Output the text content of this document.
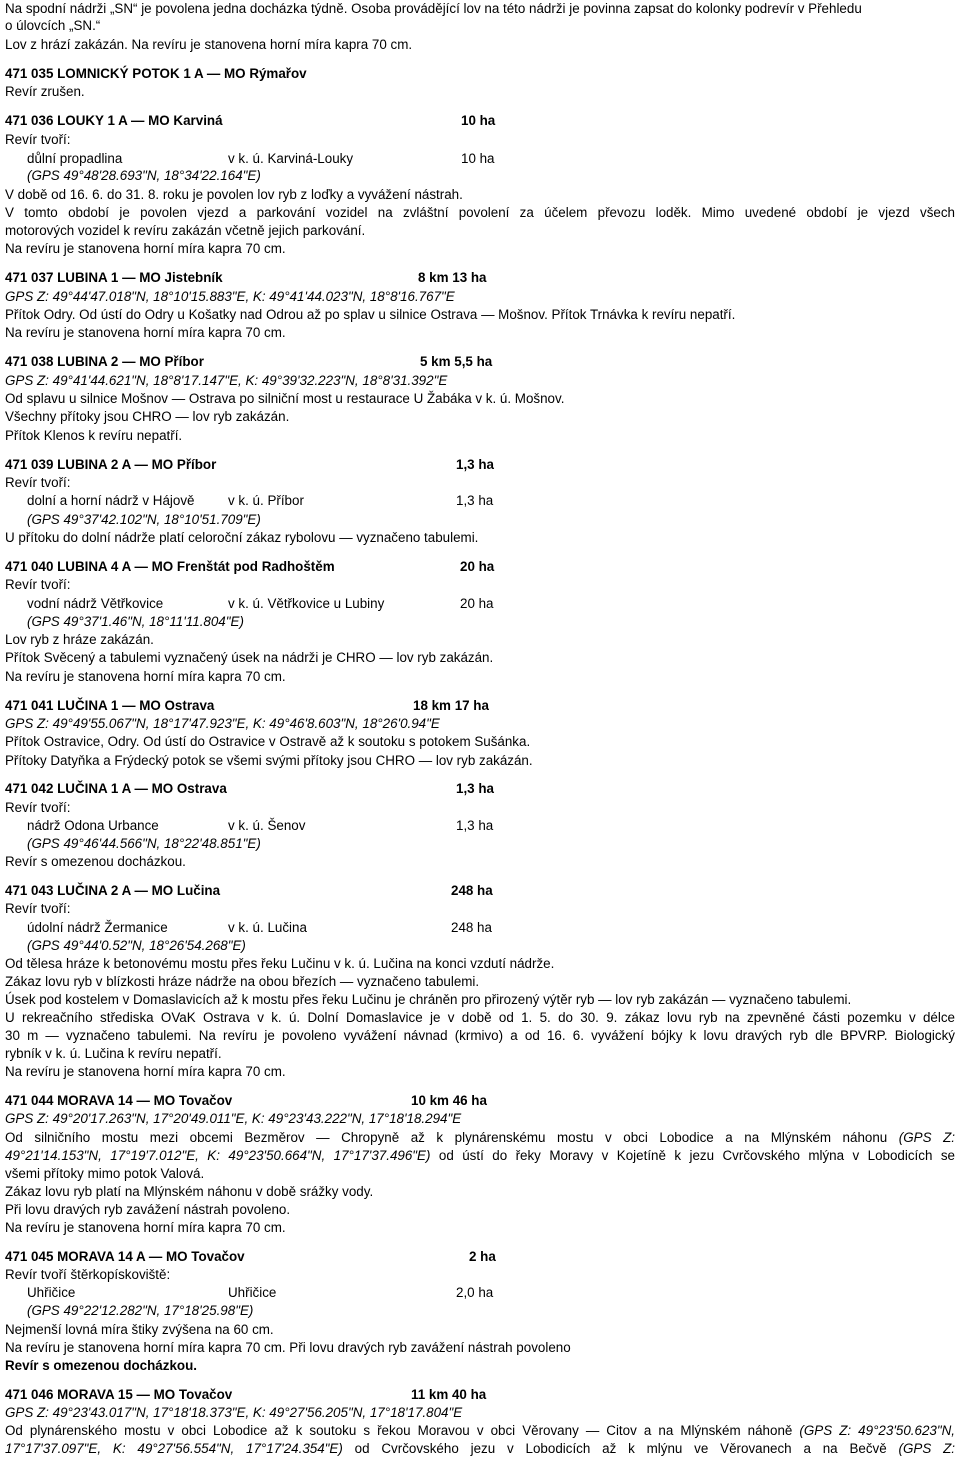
Na spodní nádrži „SN“ je povolena jedna docházka týdně. Osoba provádějící lov na této nádrži je povinna zapsat do kolonky podrevír v Přehledu
o úlovcích „SN.“
Lov z hrází zakázán. Na revíru je stanovena horní míra kapra 70 cm.
471 035 LOMNICKÝ POTOK 1 A — MO Rýmařov
Revír zrušen.
471 036 LOUKY 1 A — MO Karviná	10 ha
Revír tvoří:
důlní propadlina	v k. ú. Karviná-Louky	10 ha
(GPS 49°48'28.693"N, 18°34'22.164"E)
V době od 16. 6. do 31. 8. roku je povolen lov ryb z loďky a vyvážení nástrah.
V tomto období je povolen vjezd a parkování vozidel na zvláštní povolení za účelem převozu loděk. Mimo uvedené období je vjezd všech
motorových vozidel k revíru zakázán včetně jejich parkování.
Na revíru je stanovena horní míra kapra 70 cm.
471 037 LUBINA 1 — MO Jistebník	8 km 13 ha
GPS Z: 49°44'47.018"N, 18°10'15.883"E, K: 49°41'44.023"N, 18°8'16.767"E
Přítok Odry. Od ústí do Odry u Košatky nad Odrou až po splav u silnice Ostrava — Mošnov. Přítok Trnávka k revíru nepatří.
Na revíru je stanovena horní míra kapra 70 cm.
471 038 LUBINA 2 — MO Příbor	5 km 5,5 ha
GPS Z: 49°41'44.621"N, 18°8'17.147"E, K: 49°39'32.223"N, 18°8'31.392"E
Od splavu u silnice Mošnov — Ostrava po silniční most u restaurace U Žabáka v k. ú. Mošnov.
Všechny přítoky jsou CHRO — lov ryb zakázán.
Přítok Klenos k revíru nepatří.
471 039 LUBINA 2 A — MO Příbor	1,3 ha
Revír tvoří:
dolní a horní nádrž v Hájově	v k. ú. Příbor	1,3 ha
(GPS 49°37'42.102"N, 18°10'51.709"E)
U přítoku do dolní nádrže platí celoroční zákaz rybolovu — vyznačeno tabulemi.
471 040 LUBINA 4 A — MO Frenštát pod Radhoštěm	20 ha
Revír tvoří:
vodní nádrž Větřkovice	v k. ú. Větřkovice u Lubiny	20 ha
(GPS 49°37'1.46"N, 18°11'11.804"E)
Lov ryb z hráze zakázán.
Přítok Svěcený a tabulemi vyznačený úsek na nádrži je CHRO — lov ryb zakázán.
Na revíru je stanovena horní míra kapra 70 cm.
471 041 LUČINA 1 — MO Ostrava	18 km 17 ha
GPS Z: 49°49'55.067"N, 18°17'47.923"E, K: 49°46'8.603"N, 18°26'0.94"E
Přítok Ostravice, Odry. Od ústí do Ostravice v Ostravě až k soutoku s potokem Sušánka.
Přítoky Datyňka a Frýdecký potok se všemi svými přítoky jsou CHRO — lov ryb zakázán.
471 042 LUČINA 1 A — MO Ostrava	1,3 ha
Revír tvoří:
nádrž Odona Urbance	v k. ú. Šenov	1,3 ha
(GPS 49°46'44.566"N, 18°22'48.851"E)
Revír s omezenou docházkou.
471 043 LUČINA 2 A — MO Lučina	248 ha
Revír tvoří:
údolní nádrž Žermanice	v k. ú. Lučina	248 ha
(GPS 49°44'0.52"N, 18°26'54.268"E)
Od tělesa hráze k betonovému mostu přes řeku Lučinu v k. ú. Lučina na konci vzdutí nádrže.
Zákaz lovu ryb v blízkosti hráze nádrže na obou březích — vyznačeno tabulemi.
Úsek pod kostelem v Domaslavicích až k mostu přes řeku Lučinu je chráněn pro přirozený výtěr ryb — lov ryb zakázán — vyznačeno tabulemi.
U rekreačního střediska OVaK Ostrava v k. ú. Dolní Domaslavice je v době od 1. 5. do 30. 9. zákaz lovu ryb na zpevněné části pozemku v délce
30 m — vyznačeno tabulemi. Na revíru je povoleno vyvážení návnad (krmivo) a od 16. 6. vyvážení bójky k lovu dravých ryb dle BPVRP. Biologický
rybník v k. ú. Lučina k revíru nepatří.
Na revíru je stanovena horní míra kapra 70 cm.
471 044 MORAVA 14 — MO Tovačov	10 km 46 ha
GPS Z: 49°20'17.263"N, 17°20'49.011"E, K: 49°23'43.222"N, 17°18'18.294"E
Od silničního mostu mezi obcemi Bezměrov — Chropyně až k plynárenskému mostu v obci Lobodice a na Mlýnském náhonu (GPS Z:
49°21'14.153"N, 17°19'7.012"E, K: 49°23'50.664"N, 17°17'37.496"E) od ústí do řeky Moravy v Kojetíně k jezu Cvrčovského mlýna v Lobodicích se
všemi přítoky mimo potok Valová.
Zákaz lovu ryb platí na Mlýnském náhonu v době srážky vody.
Při lovu dravých ryb zavážení nástrah povoleno.
Na revíru je stanovena horní míra kapra 70 cm.
471 045 MORAVA 14 A — MO Tovačov	2 ha
Revír tvoří štěrkopískoviště:
Uhřičice	Uhřičice	2,0 ha
(GPS 49°22'12.282"N, 17°18'25.98"E)
Nejmenší lovná míra štiky zvýšena na 60 cm.
Na revíru je stanovena horní míra kapra 70 cm. Při lovu dravých ryb zavážení nástrah povoleno
Revír s omezenou docházkou.
471 046 MORAVA 15 — MO Tovačov	11 km 40 ha
GPS Z: 49°23'43.017"N, 17°18'18.373"E, K: 49°27'56.205"N, 17°18'17.804"E
Od plynárenského mostu v obci Lobodice až k soutoku s řekou Moravou v obci Věrovany — Citov a na Mlýnském náhoně (GPS Z: 49°23'50.623"N,
17°17'37.097"E, K: 49°27'56.554"N, 17°17'24.354"E) od Cvrčovského jezu v Lobodicích až k mlýnu ve Věrovanech a na Bečvě (GPS Z:
